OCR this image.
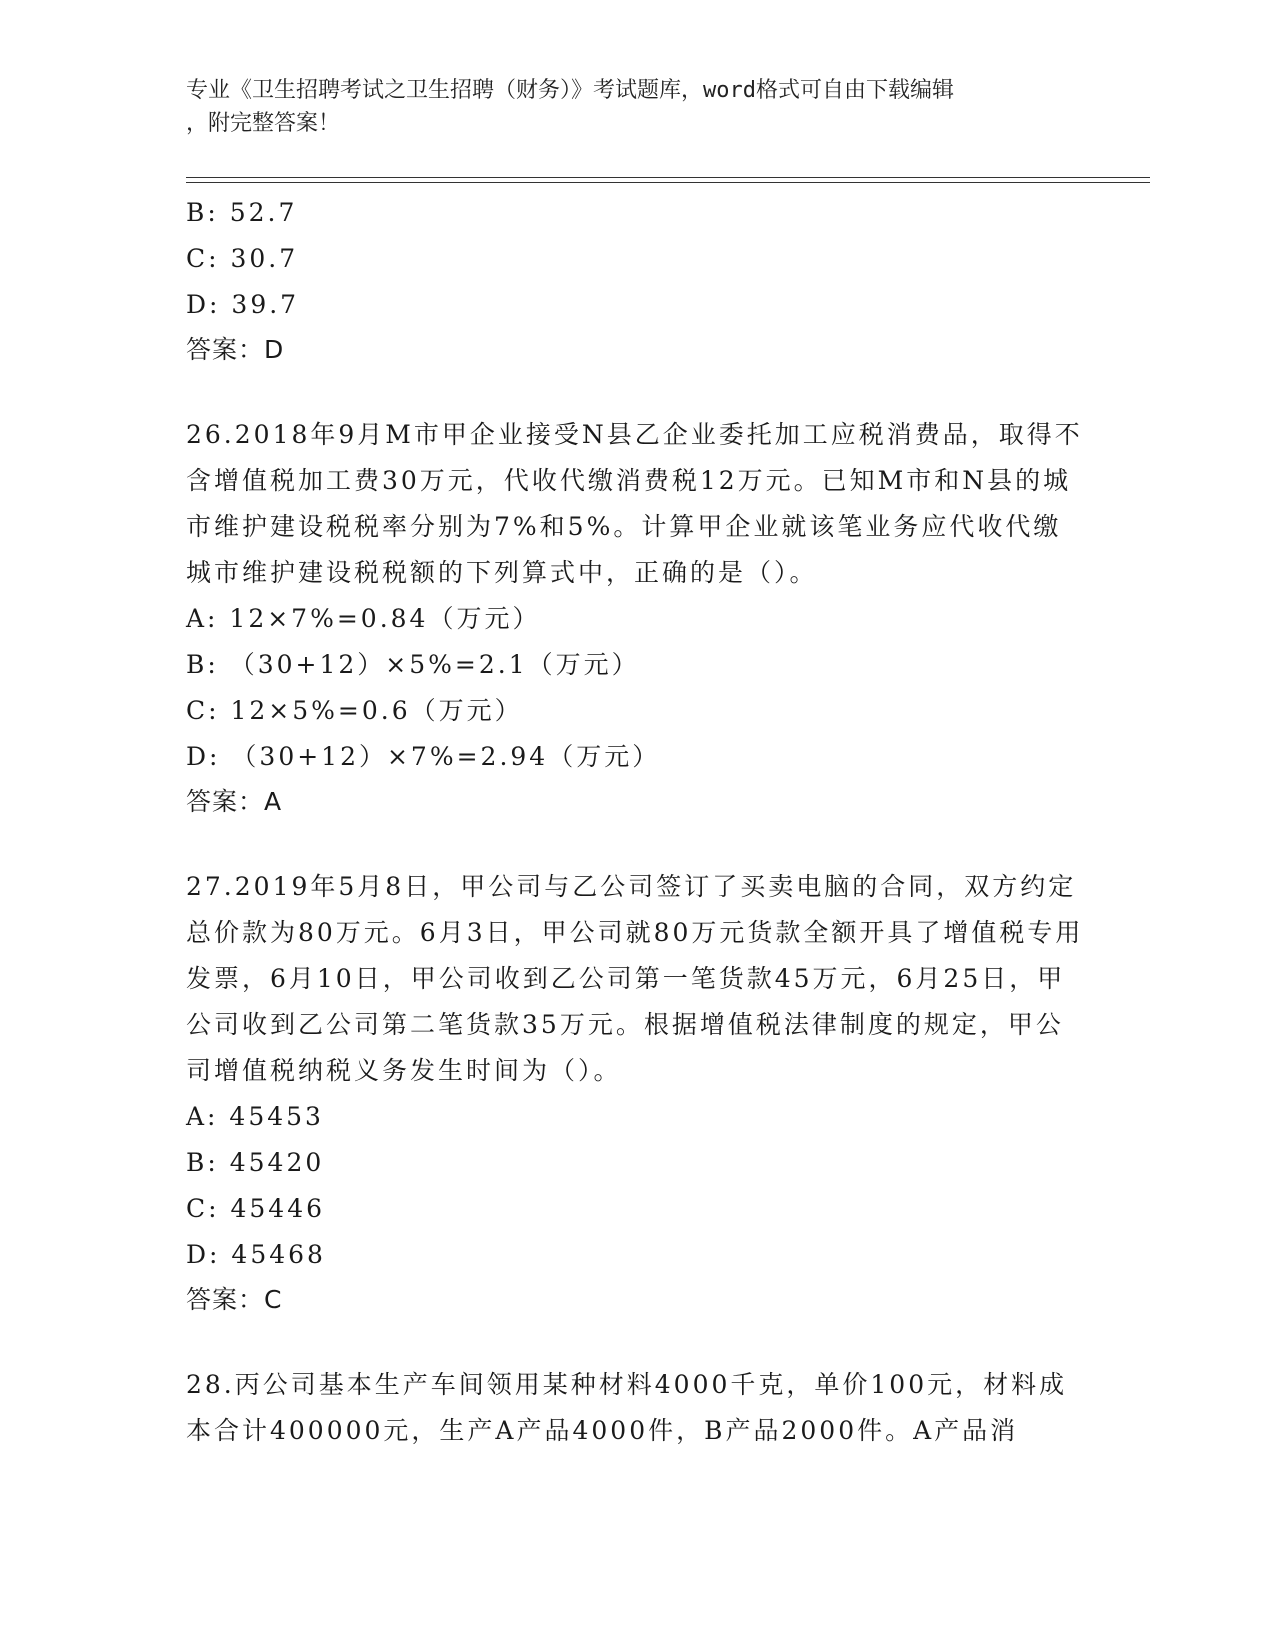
专业《卫生招聘考试之卫生招聘（财务）》考试题库，word格式可自由下载编辑
，附完整答案！

B: 52.7

C: 30.7

D: 39.7

答案：D

26.2018年9月M市甲企业接受N县乙企业委托加工应税消费品，取得不含增值税加工费30万元，代收代缴消费税12万元。已知M市和N县的城市维护建设税税率分别为7%和5%。计算甲企业就该笔业务应代收代缴城市维护建设税税额的下列算式中，正确的是（）。

A: 12×7%=0.84（万元）

B: （30+12）×5%=2.1（万元）

C: 12×5%=0.6（万元）

D: （30+12）×7%=2.94（万元）

答案：A

27.2019年5月8日，甲公司与乙公司签订了买卖电脑的合同，双方约定总价款为80万元。6月3日，甲公司就80万元货款全额开具了增值税专用发票，6月10日，甲公司收到乙公司第一笔货款45万元，6月25日，甲公司收到乙公司第二笔货款35万元。根据增值税法律制度的规定，甲公司增值税纳税义务发生时间为（）。

A: 45453

B: 45420

C: 45446

D: 45468

答案：C

28.丙公司基本生产车间领用某种材料4000千克，单价100元，材料成本合计400000元，生产A产品4000件，B产品2000件。A产品消
